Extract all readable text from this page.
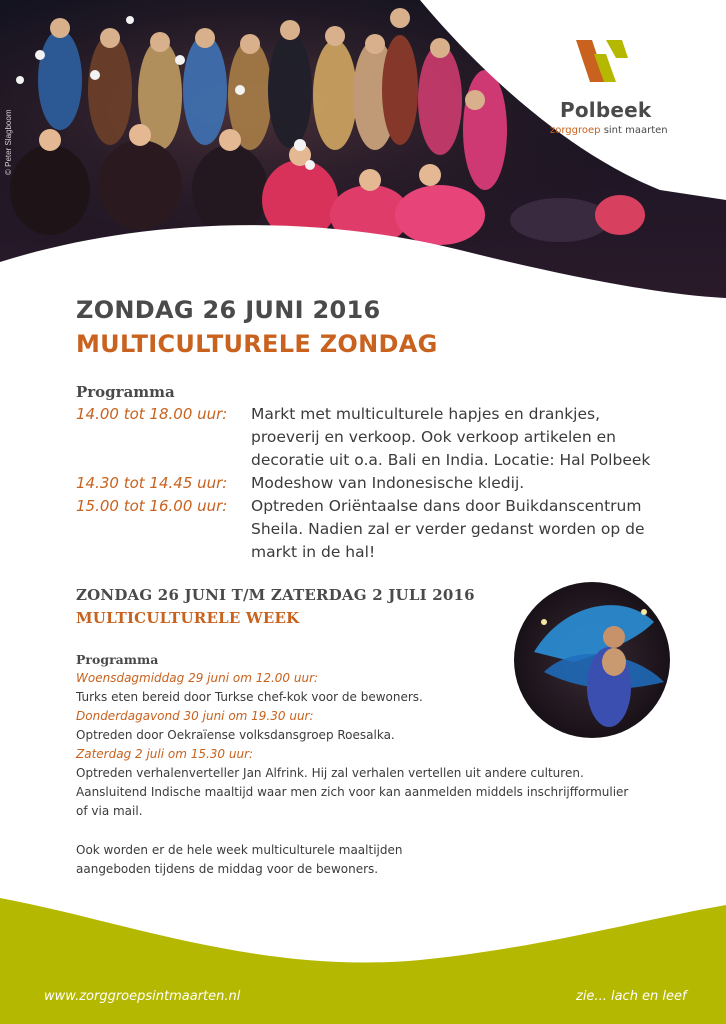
© Peter Slagboom	Polbeek
zorggroep sint maarten
ZONDAG 26 JUNI 2016
MULTICULTURELE ZONDAG
Programma
14.00 tot 18.00 uur:	Markt met multiculturele hapjes en drankjes, proeverij en verkoop. Ook verkoop artikelen en decoratie uit o.a. Bali en India. Locatie: Hal Polbeek
14.30 tot 14.45 uur:	Modeshow van Indonesische kledij.
15.00 tot 16.00 uur:	Optreden Oriëntaalse dans door Buikdanscentrum Sheila. Nadien zal er verder gedanst worden op de markt in de hal!
ZONDAG 26 JUNI T/M ZATERDAG 2 JULI 2016
MULTICULTURELE WEEK
Programma
Woensdagmiddag 29 juni om 12.00 uur:
Turks eten bereid door Turkse chef-kok voor de bewoners.
Donderdagavond 30 juni om 19.30 uur:
Optreden door Oekraïense volksdansgroep Roesalka.
Zaterdag 2 juli om 15.30 uur:
Optreden verhalenverteller Jan Alfrink. Hij zal verhalen vertellen uit andere culturen. Aansluitend Indische maaltijd waar men zich voor kan aanmelden middels inschrijfformulier of via mail.
Ook worden er de hele week multiculturele maaltijden aangeboden tijdens de middag voor de bewoners.
www.zorggroepsintmaarten.nl	zie... lach en leef
